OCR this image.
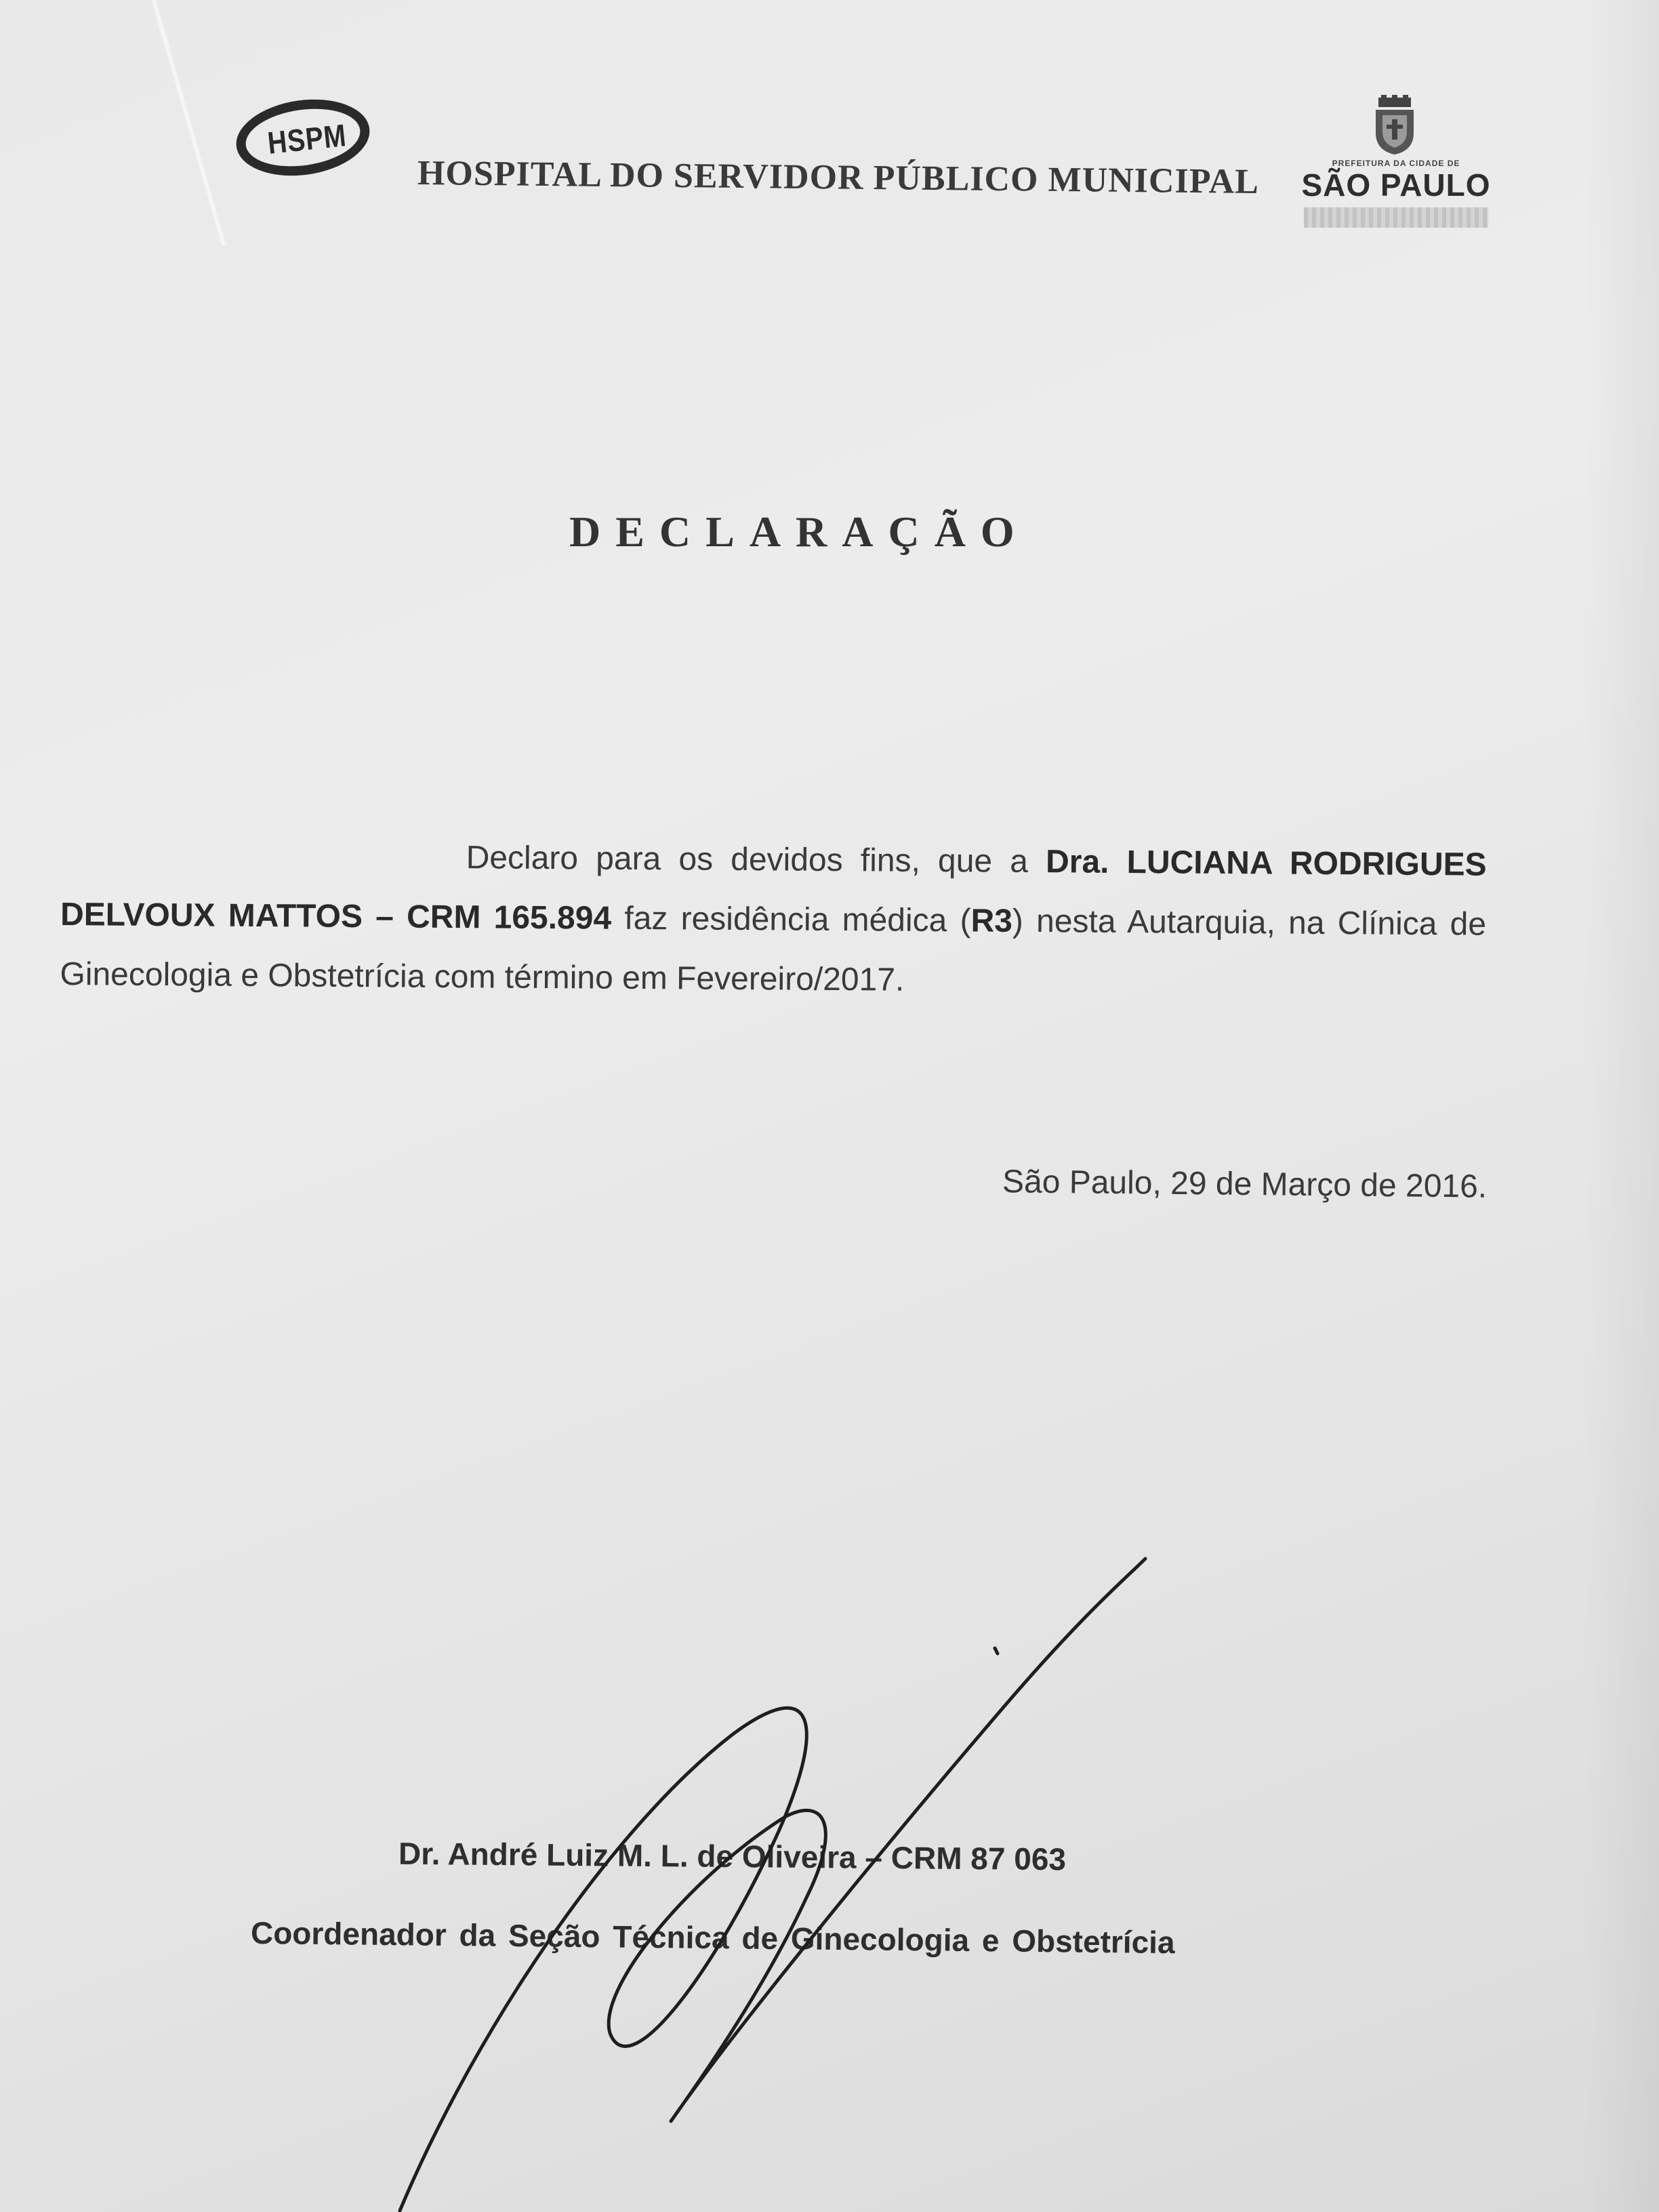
HSPM
HOSPITAL DO SERVIDOR PÚBLICO MUNICIPAL	PREFEITURA DA CIDADE DE
SÃO PAULO
DECLARAÇÃO
Declaro para os devidos fins, que a Dra. LUCIANA RODRIGUES DELVOUX MATTOS – CRM 165.894 faz residência médica (R3) nesta Autarquia, na Clínica de Ginecologia e Obstetrícia com término em Fevereiro/2017.
São Paulo, 29 de Março de 2016.
Dr. André Luiz M. L. de Oliveira – CRM 87 063
Coordenador da Seção Técnica de Ginecologia e Obstetrícia
